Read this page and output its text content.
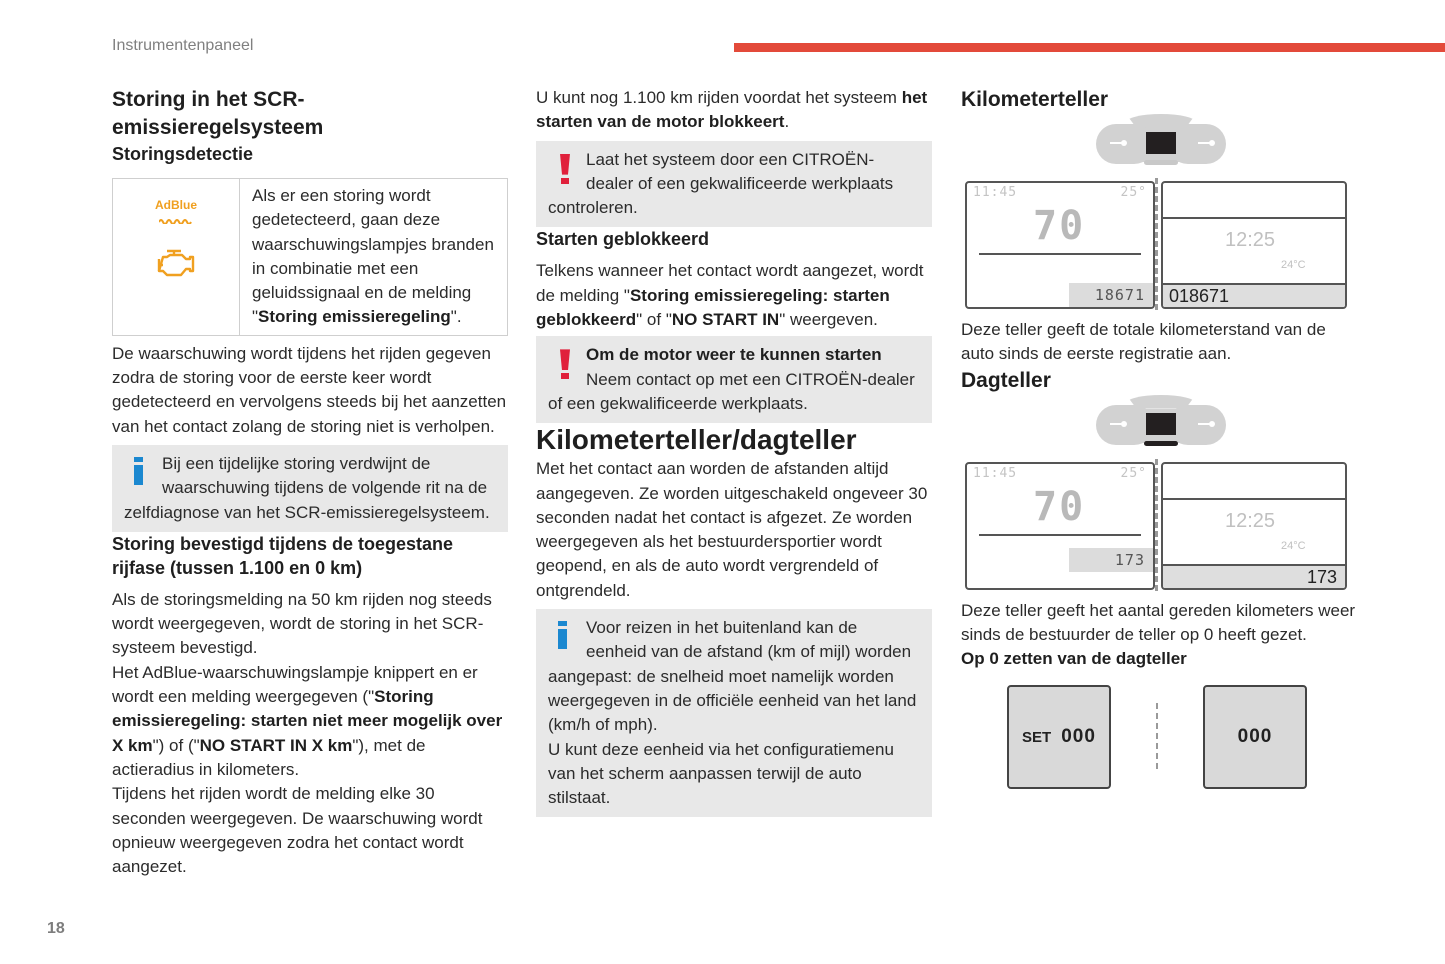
Instrumentenpaneel
Storing in het SCR-emissieregelsysteem
Storingsdetectie
AdBlue	Als er een storing wordt gedetecteerd, gaan deze waarschuwingslampjes branden in combinatie met een geluidssignaal en de melding "Storing emissieregeling".

De waarschuwing wordt tijdens het rijden gegeven zodra de storing voor de eerste keer wordt gedetecteerd en vervolgens steeds bij het aanzetten van het contact zolang de storing niet is verholpen.

Bij een tijdelijke storing verdwijnt de waarschuwing tijdens de volgende rit na de zelfdiagnose van het SCR-emissieregelsysteem.

Storing bevestigd tijdens de toegestane rijfase (tussen 1.100 en 0 km)

Als de storingsmelding na 50 km rijden nog steeds wordt weergegeven, wordt de storing in het SCR-systeem bevestigd.

Het AdBlue-waarschuwingslampje knippert en er wordt een melding weergegeven ("Storing emissieregeling: starten niet meer mogelijk over X km") of ("NO START IN X km"), met de actieradius in kilometers.

Tijdens het rijden wordt de melding elke 30 seconden weergegeven. De waarschuwing wordt opnieuw weergegeven zodra het contact wordt aangezet.

U kunt nog 1.100 km rijden voordat het systeem het starten van de motor blokkeert.

Laat het systeem door een CITROËN-dealer of een gekwalificeerde werkplaats controleren.

Starten geblokkeerd

Telkens wanneer het contact wordt aangezet, wordt de melding "Storing emissieregeling: starten geblokkeerd" of "NO START IN" weergeven.

Om de motor weer te kunnen starten
Neem contact op met een CITROËN-dealer of een gekwalificeerde werkplaats.

Kilometerteller/dagteller

Met het contact aan worden de afstanden altijd aangegeven. Ze worden uitgeschakeld ongeveer 30 seconden nadat het contact is afgezet. Ze worden weergegeven als het bestuurdersportier wordt geopend, en als de auto wordt vergrendeld of ontgrendeld.

Voor reizen in het buitenland kan de eenheid van de afstand (km of mijl) worden aangepast: de snelheid moet namelijk worden weergegeven in de officiële eenheid van het land (km/h of mph).

U kunt deze eenheid via het configuratiemenu van het scherm aanpassen terwijl de auto stilstaat.

Kilometerteller
11:45	25°
70
18671
12:25
24°C
018671

Deze teller geeft de totale kilometerstand van de auto sinds de eerste registratie aan.

Dagteller
11:45	25°
70
173
12:25
24°C
173

Deze teller geeft het aantal gereden kilometers weer sinds de bestuurder de teller op 0 heeft gezet.

Op 0 zetten van de dagteller

SET 000	000
18
